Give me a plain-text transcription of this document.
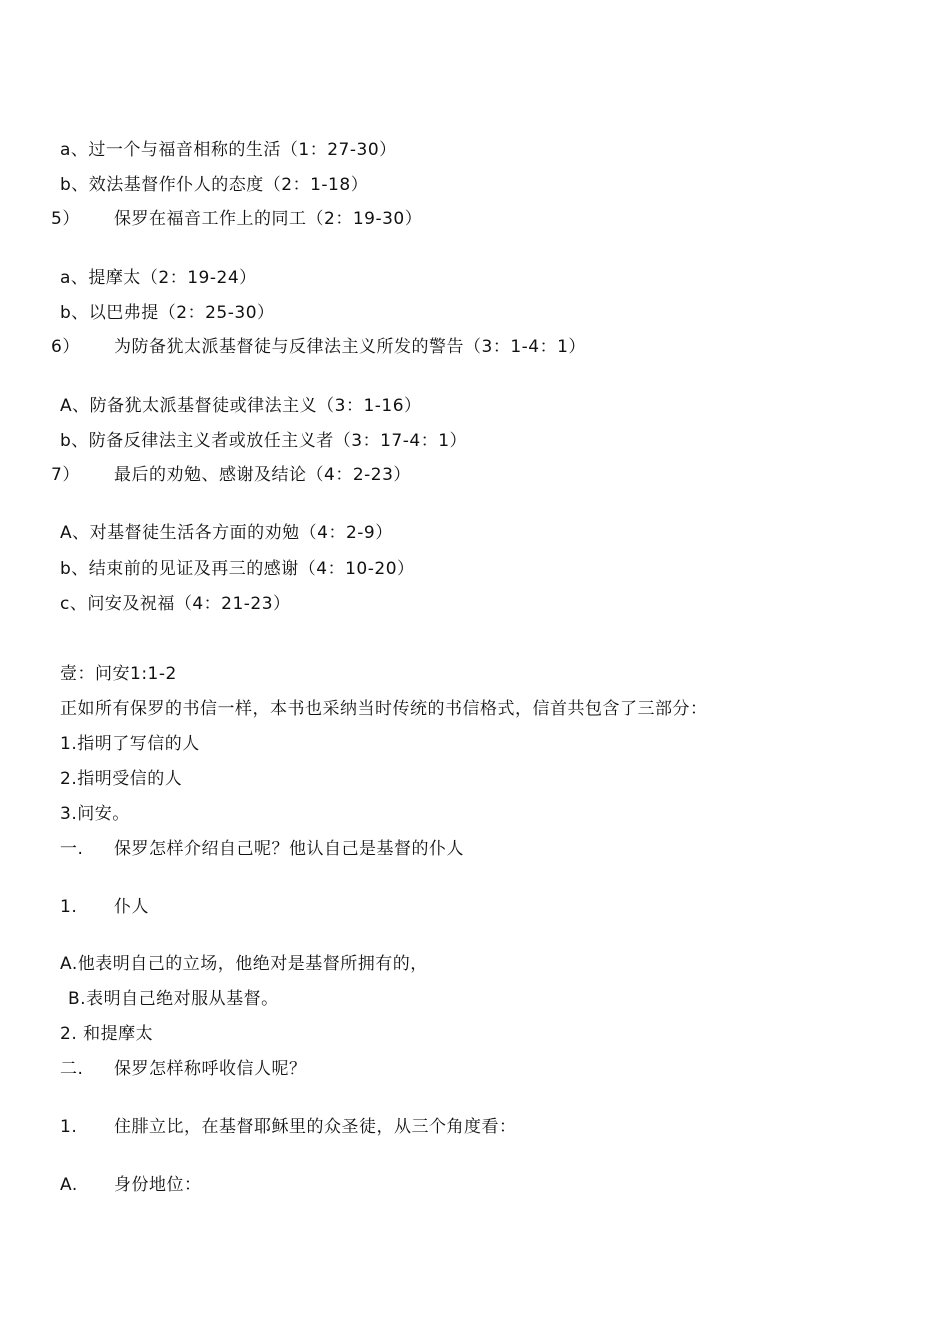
a、过一个与福音相称的生活（1：27-30）
b、效法基督作仆人的态度（2：1-18）
5） 保罗在福音工作上的同工（2：19-30）
a、提摩太（2：19-24）
b、以巴弗提（2：25-30）
6） 为防备犹太派基督徒与反律法主义所发的警告（3：1-4：1）
A、防备犹太派基督徒或律法主义（3：1-16）
b、防备反律法主义者或放任主义者（3：17-4：1）
7） 最后的劝勉、感谢及结论（4：2-23）
A、对基督徒生活各方面的劝勉（4：2-9）
b、结束前的见证及再三的感谢（4：10-20）
c、问安及祝福（4：21-23）
壹：问安1:1-2
正如所有保罗的书信一样，本书也采纳当时传统的书信格式，信首共包含了三部分：
1.指明了写信的人
2.指明受信的人
3.问安。
一. 保罗怎样介绍自己呢？他认自己是基督的仆人
1. 仆人
A.他表明自己的立场，他绝对是基督所拥有的，
B.表明自己绝对服从基督。
2. 和提摩太
二. 保罗怎样称呼收信人呢？
1. 住腓立比，在基督耶稣里的众圣徒，从三个角度看：
A. 身份地位：
